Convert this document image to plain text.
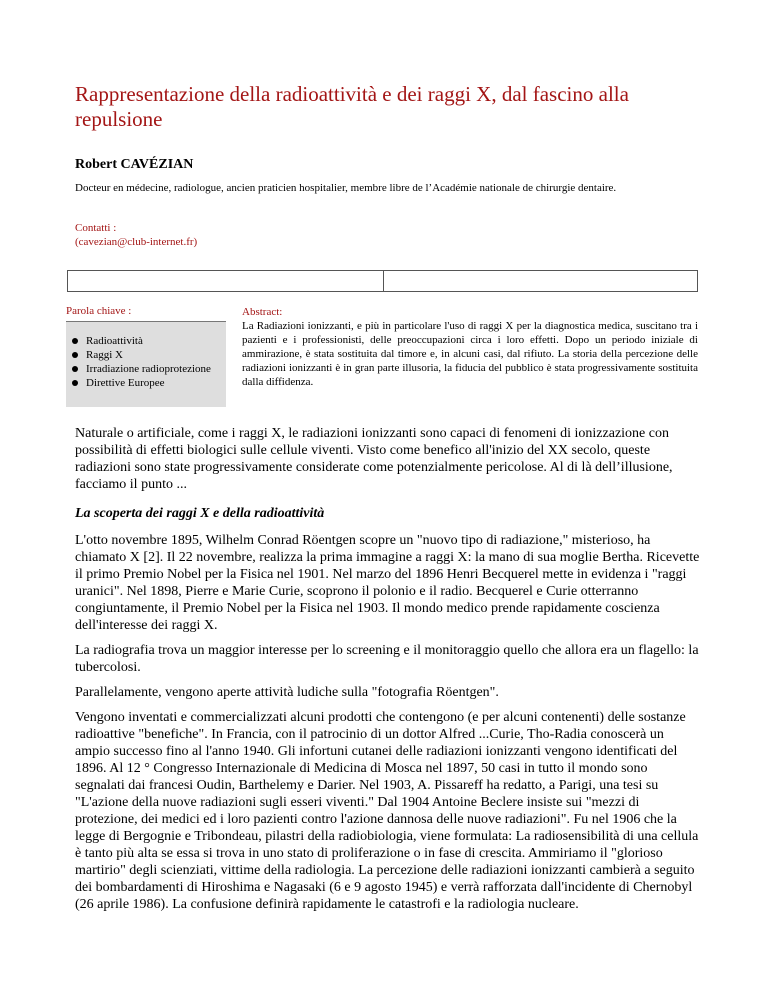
Rappresentazione della radioattività e dei raggi X, dal fascino alla repulsione
Robert CAVÉZIAN
Docteur en médecine, radiologue, ancien praticien hospitalier, membre libre de l’Académie nationale de chirurgie dentaire.
Contatti :
(cavezian@club-internet.fr)
Parola chiave :
Radioattività
Raggi X
Irradiazione radioprotezione
Direttive Europee
Abstract:
La Radiazioni ionizzanti, e più in particolare l'uso di raggi X per la diagnostica medica, suscitano tra i pazienti e i professionisti, delle preoccupazioni circa i loro effetti. Dopo un periodo iniziale di ammirazione, è stata sostituita dal timore e, in alcuni casi, dal rifiuto. La storia della percezione delle radiazioni ionizzanti è in gran parte illusoria, la fiducia del pubblico è stata progressivamente sostituita dalla diffidenza.

Naturale o artificiale, come i raggi X, le radiazioni ionizzanti sono capaci di fenomeni di ionizzazione con possibilità di effetti biologici sulle cellule viventi. Visto come benefico all'inizio del XX secolo, queste radiazioni sono state progressivamente considerate come potenzialmente pericolose. Al di là dell’illusione, facciamo il punto ...

La scoperta dei raggi X e della radioattività

L'otto novembre 1895, Wilhelm Conrad Röentgen scopre un "nuovo tipo di radiazione," misterioso, ha chiamato X [2]. Il 22 novembre, realizza la prima immagine a raggi X: la mano di sua moglie Bertha. Ricevette il primo Premio Nobel per la Fisica nel 1901. Nel marzo del 1896 Henri Becquerel mette in evidenza i "raggi uranici". Nel 1898, Pierre e Marie Curie, scoprono il polonio e il radio. Becquerel e Curie otterranno congiuntamente, il Premio Nobel per la Fisica nel 1903. Il mondo medico prende rapidamente coscienza dell'interesse dei raggi X.

La radiografia trova un maggior interesse per lo screening e il monitoraggio quello che allora era un flagello: la tubercolosi.

Parallelamente, vengono aperte attività ludiche sulla "fotografia Röentgen".

Vengono inventati e commercializzati alcuni prodotti che contengono (e per alcuni contenenti) delle sostanze radioattive "benefiche". In Francia, con il patrocinio di un dottor Alfred ...Curie, Tho-Radia conoscerà un ampio successo fino al l'anno 1940. Gli infortuni cutanei delle radiazioni ionizzanti vengono identificati del 1896. Al 12 ° Congresso Internazionale di Medicina di Mosca nel 1897, 50 casi in tutto il mondo sono segnalati dai francesi Oudin, Barthelemy e Darier. Nel 1903, A. Pissareff ha redatto, a Parigi, una tesi su "L'azione della nuove radiazioni sugli esseri viventi." Dal 1904 Antoine Beclere insiste sui "mezzi di protezione, dei medici ed i loro pazienti contro l'azione dannosa delle nuove radiazioni". Fu nel 1906 che la legge di Bergognie e Tribondeau, pilastri della radiobiologia, viene formulata: La radiosensibilità di una cellula è tanto più alta se essa si trova in uno stato di proliferazione o in fase di crescita. Ammiriamo il "glorioso martirio" degli scienziati, vittime della radiologia. La percezione delle radiazioni ionizzanti cambierà a seguito dei bombardamenti di Hiroshima e Nagasaki (6 e 9 agosto 1945) e verrà rafforzata dall'incidente di Chernobyl (26 aprile 1986). La confusione definirà rapidamente le catastrofi e la radiologia nucleare.
